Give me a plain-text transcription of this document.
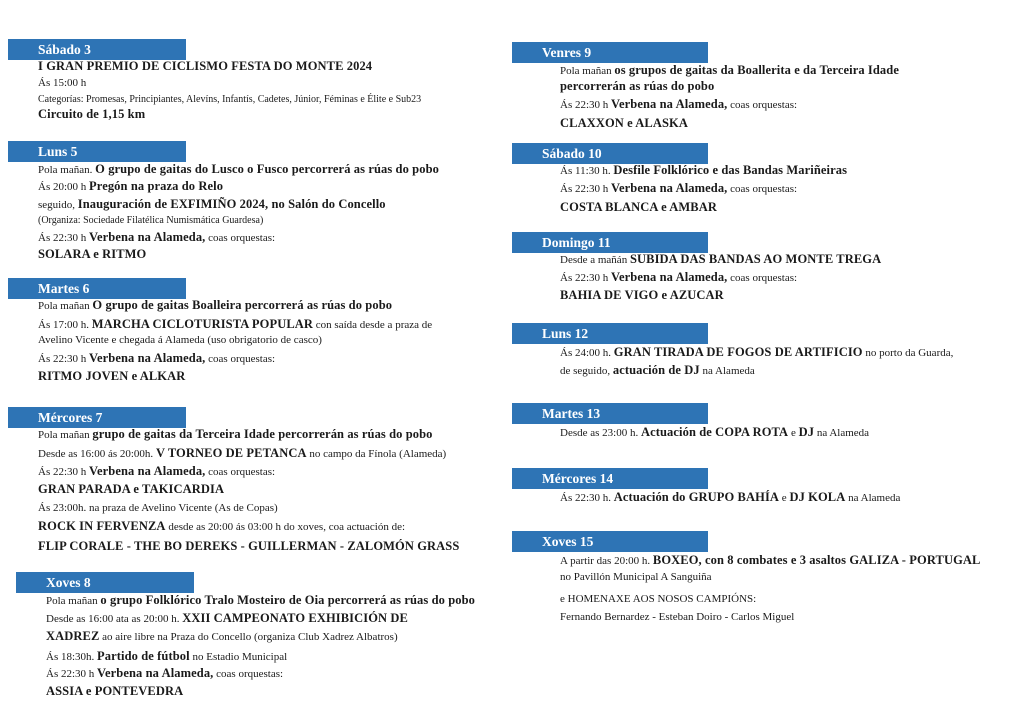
Sábado 3
I GRAN PREMIO DE CICLISMO FESTA DO MONTE 2024
Ás 15:00 h
Categorías: Promesas, Principiantes, Alevíns, Infantís, Cadetes, Júnior, Féminas e Élite e Sub23
Circuito de 1,15 km
Luns 5
Pola mañan. O grupo de gaitas do Lusco o Fusco percorrerá as rúas do pobo
Ás 20:00 h Pregón na praza do Relo
seguido, Inauguración de EXFIMIÑO 2024, no Salón do Concello
(Organiza: Sociedade Filatélica Numismática Guardesa)
Ás 22:30 h Verbena na Alameda, coas orquestas:
SOLARA e RITMO
Martes 6
Pola mañan O grupo de gaitas Boalleira percorrerá as rúas do pobo
Ás 17:00 h. MARCHA CICLOTURISTA POPULAR con saída desde a praza de
Avelino Vicente e chegada á Alameda (uso obrigatorio de casco)
Ás 22:30 h Verbena na Alameda, coas orquestas:
RITMO JOVEN e ALKAR
Mércores 7
Pola mañan grupo de gaitas da Terceira Idade percorrerán as rúas do pobo
Desde as 16:00 ás 20:00h. V TORNEO DE PETANCA no campo da Fínola (Alameda)
Ás 22:30 h Verbena na Alameda, coas orquestas:
GRAN PARADA e TAKICARDIA
Ás 23:00h. na praza de Avelino Vicente (As de Copas)
ROCK IN FERVENZA desde as 20:00 ás 03:00 h do xoves, coa actuación de:
FLIP CORALE - THE BO DEREKS - GUILLERMAN - ZALOMÓN GRASS
Xoves 8
Pola mañan o grupo Folklórico Tralo Mosteiro de Oia percorrerá as rúas do pobo
Desde as 16:00 ata as 20:00 h. XXII CAMPEONATO EXHIBICIÓN DE
XADREZ ao aire libre na Praza do Concello (organiza Club Xadrez Albatros)
Ás 18:30h. Partido de fútbol no Estadio Municipal
Ás 22:30 h Verbena na Alameda, coas orquestas:
ASSIA e PONTEVEDRA
Venres 9
Pola mañan os grupos de gaitas da Boallerita e da Terceira Idade
percorrerán as rúas do pobo
Ás 22:30 h Verbena na Alameda, coas orquestas:
CLAXXON e ALASKA
Sábado 10
Ás 11:30 h. Desfile Folklórico e das Bandas Mariñeiras
Ás 22:30 h Verbena na Alameda, coas orquestas:
COSTA BLANCA e AMBAR
Domingo 11
Desde a mañán SUBIDA DAS BANDAS AO MONTE TREGA
Ás 22:30 h Verbena na Alameda, coas orquestas:
BAHIA DE VIGO e AZUCAR
Luns 12
Ás 24:00 h. GRAN TIRADA DE FOGOS DE ARTIFICIO no porto da Guarda,
de seguido, actuación de DJ na Alameda
Martes 13
Desde as 23:00 h. Actuación de COPA ROTA e DJ na Alameda
Mércores 14
Ás 22:30 h. Actuación do GRUPO BAHÍA e DJ KOLA na Alameda
Xoves 15
A partir das 20:00 h. BOXEO, con 8 combates e 3 asaltos GALIZA - PORTUGAL
no Pavillón Municipal A Sanguiña
e HOMENAXE AOS NOSOS CAMPIÓNS:
Fernando Bernardez - Esteban Doiro - Carlos Miguel
